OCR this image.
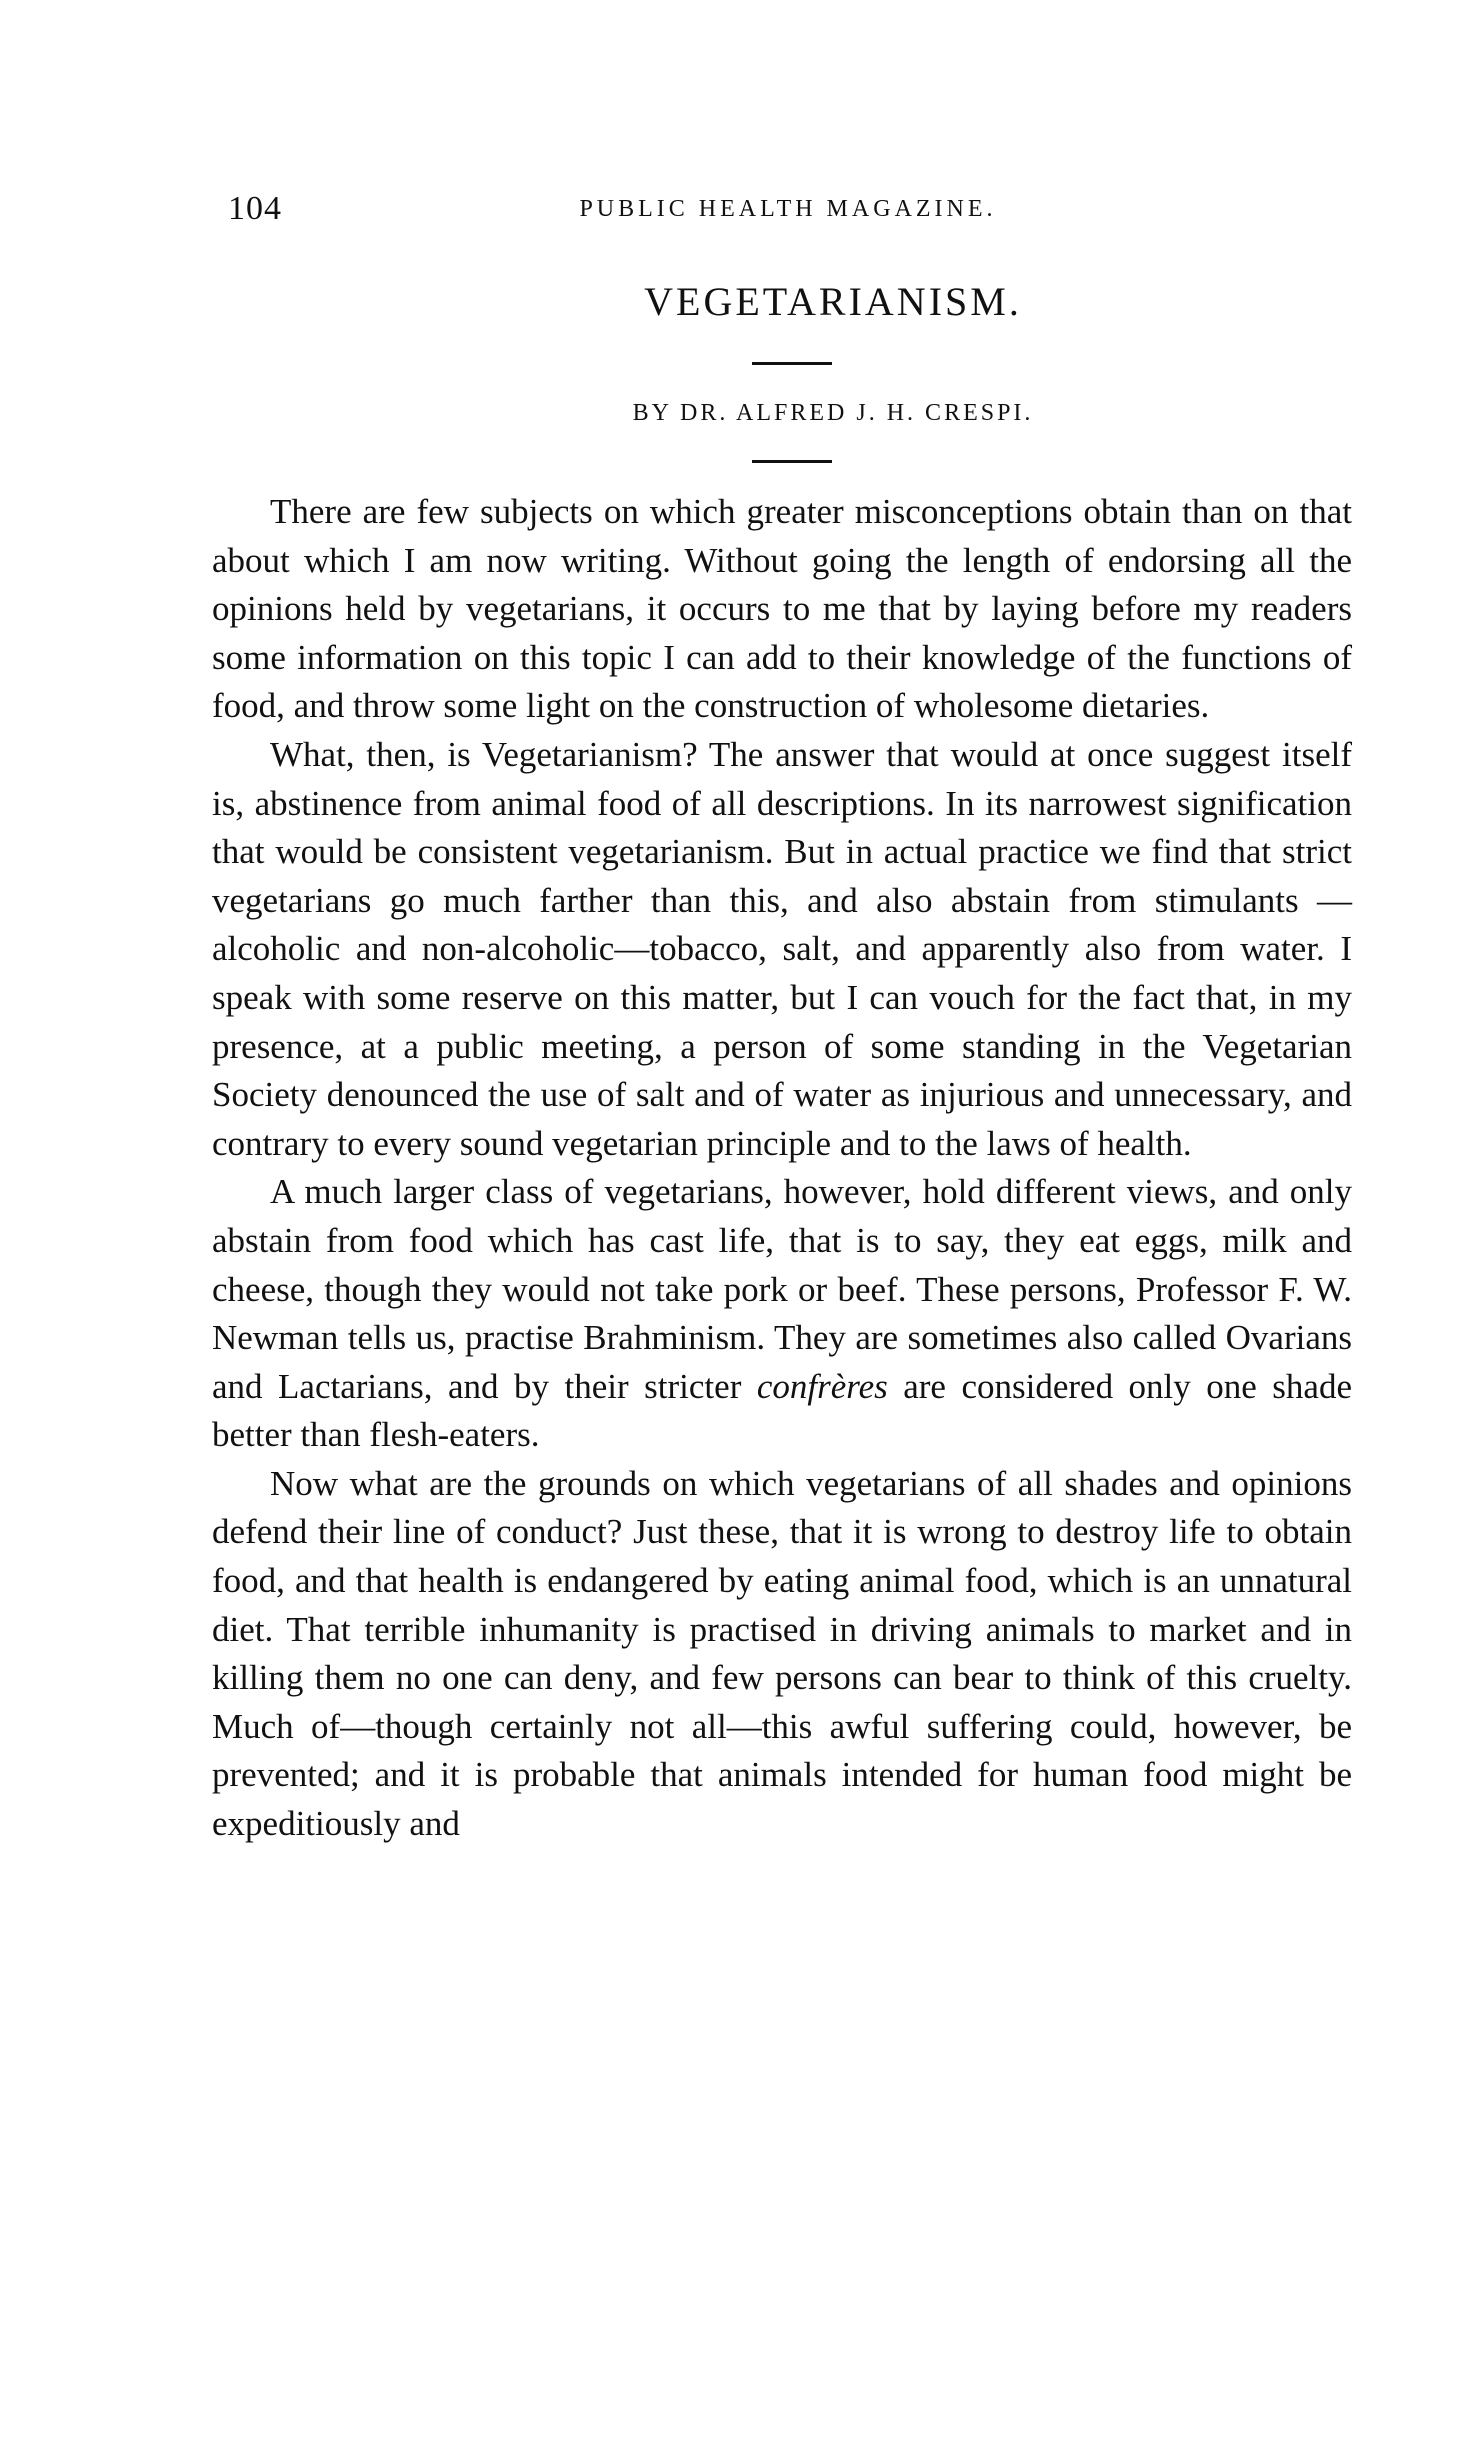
104	PUBLIC HEALTH MAGAZINE.
VEGETARIANISM.
BY DR. ALFRED J. H. CRESPI.

There are few subjects on which greater misconceptions obtain than on that about which I am now writing. Without going the length of endorsing all the opinions held by vegetarians, it occurs to me that by laying before my readers some information on this topic I can add to their knowledge of the functions of food, and throw some light on the construction of wholesome dietaries.

What, then, is Vegetarianism? The answer that would at once suggest itself is, abstinence from animal food of all descriptions. In its narrowest signification that would be consistent vegetarianism. But in actual practice we find that strict vegetarians go much farther than this, and also abstain from stimulants —alcoholic and non-alcoholic—tobacco, salt, and apparently also from water. I speak with some reserve on this matter, but I can vouch for the fact that, in my presence, at a public meeting, a person of some standing in the Vegetarian Society denounced the use of salt and of water as injurious and unnecessary, and contrary to every sound vegetarian principle and to the laws of health.

A much larger class of vegetarians, however, hold different views, and only abstain from food which has cast life, that is to say, they eat eggs, milk and cheese, though they would not take pork or beef. These persons, Professor F. W. Newman tells us, practise Brahminism. They are sometimes also called Ovarians and Lactarians, and by their stricter confrères are considered only one shade better than flesh-eaters.

Now what are the grounds on which vegetarians of all shades and opinions defend their line of conduct? Just these, that it is wrong to destroy life to obtain food, and that health is endangered by eating animal food, which is an unnatural diet. That terrible inhumanity is practised in driving animals to market and in killing them no one can deny, and few persons can bear to think of this cruelty. Much of—though certainly not all—this awful suffering could, however, be prevented; and it is probable that animals intended for human food might be expeditiously and
